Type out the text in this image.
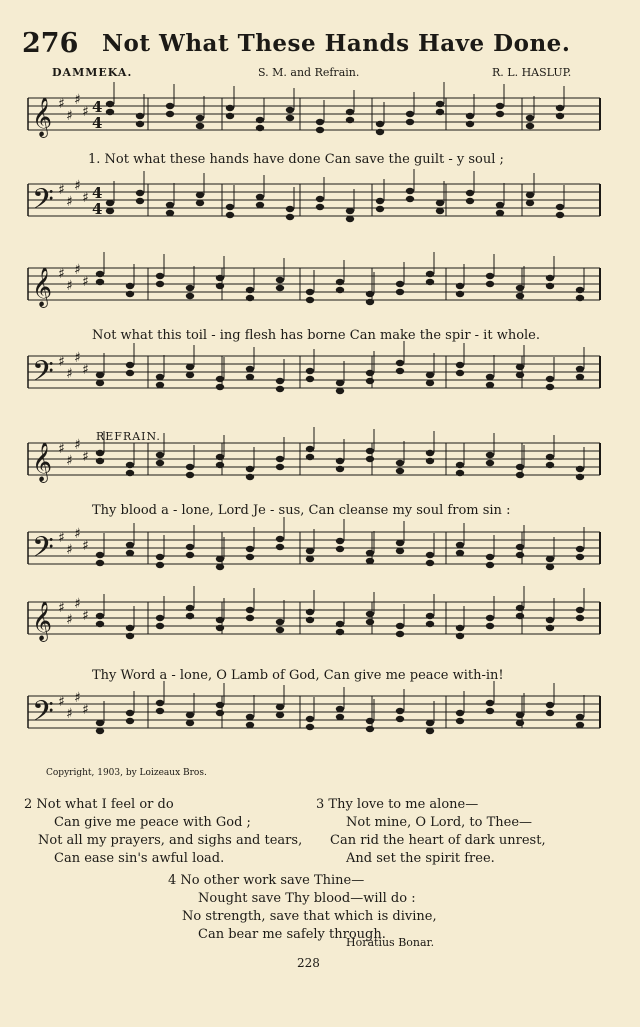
276 Not What These Hands Have Done.
DAMMEKA.	S. M. and Refrain.	R. L. HASLUP.
𝄞 ♯
♯
♯
♯ 4
4
𝄢 ♯
♯
♯
♯ 4
4
𝄞 ♯
♯
♯
♯
𝄢 ♯
♯
♯
♯
𝄞 ♯
♯
♯
♯
𝄢 ♯
♯
♯
♯
𝄞 ♯
♯
♯
♯
𝄢 ♯
♯
♯
♯
1. Not what these hands have done Can save the guilt - y soul ;
Not what this toil - ing flesh has borne Can make the spir - it whole.
REFRAIN.
Thy blood a - lone, Lord Je - sus, Can cleanse my soul from sin :
Thy Word a - lone, O Lamb of God, Can give me peace with-in!
Copyright, 1903, by Loizeaux Bros.
2 Not what I feel or do
Can give me peace with God ;
Not all my prayers, and sighs and tears,
Can ease sin's awful load.
3 Thy love to me alone—
Not mine, O Lord, to Thee—
Can rid the heart of dark unrest,
And set the spirit free.
4 No other work save Thine—
Nought save Thy blood—will do :
No strength, save that which is divine,
Can bear me safely through.
Horatius Bonar.
228
